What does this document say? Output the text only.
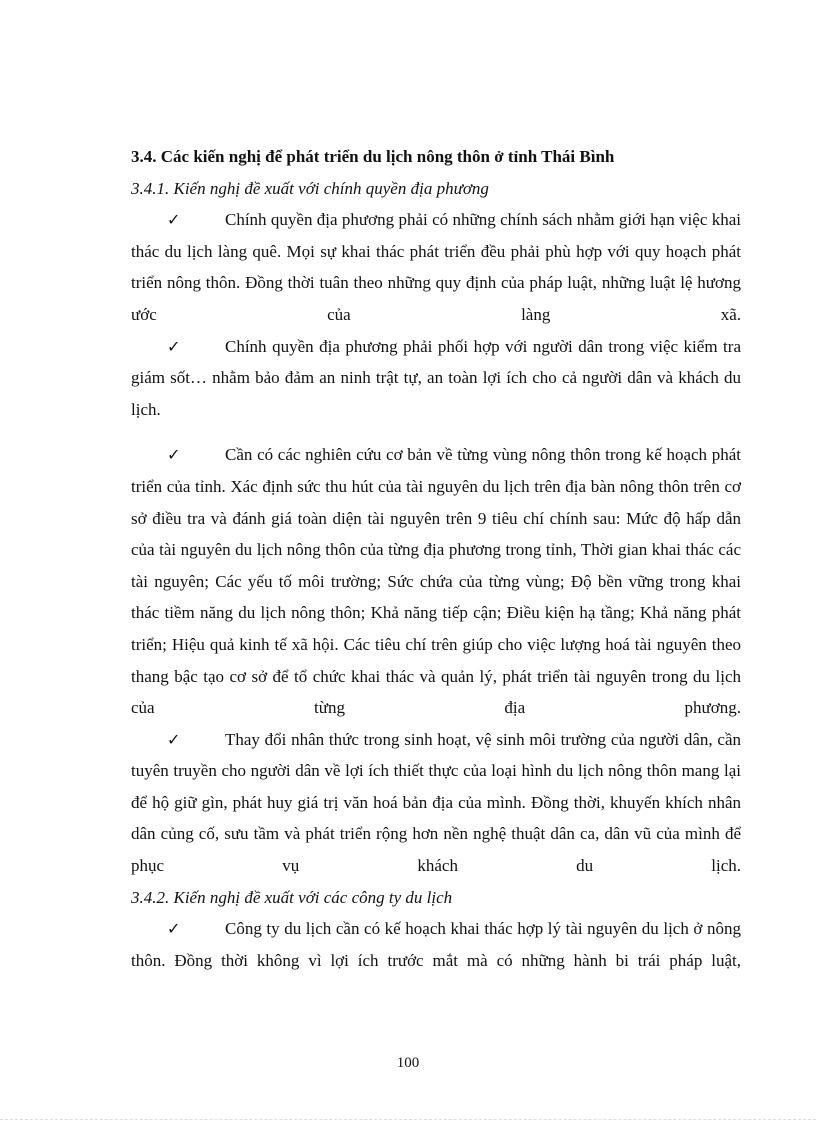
3.4. Các kiến nghị để phát triển du lịch nông thôn ở tỉnh Thái Bình

3.4.1. Kiến nghị đề xuất với chính quyền địa phương

✓	Chính quyền địa phương phải có những chính sách nhằm giới hạn việc khai thác du lịch làng quê. Mọi sự khai thác phát triển đều phải phù hợp với quy hoạch phát triển nông thôn. Đồng thời tuân theo những quy định của pháp luật, những luật lệ hương ước của làng xã.

✓	Chính quyền địa phương phải phối hợp với người dân trong việc kiểm tra giám sốt… nhằm bảo đảm an ninh trật tự, an toàn lợi ích cho cả người dân và khách du lịch.

✓	Cần có các nghiên cứu cơ bản về từng vùng nông thôn trong kế hoạch phát triển của tỉnh. Xác định sức thu hút của tài nguyên du lịch trên địa bàn nông thôn trên cơ sở điều tra và đánh giá toàn diện tài nguyên trên 9 tiêu chí chính sau: Mức độ hấp dẫn của tài nguyên du lịch nông thôn của từng địa phương trong tỉnh, Thời gian khai thác các tài nguyên; Các yếu tố môi trường; Sức chứa của từng vùng; Độ bền vững trong khai thác tiềm năng du lịch nông thôn; Khả năng tiếp cận; Điều kiện hạ tầng; Khả năng phát triển; Hiệu quả kinh tế xã hội. Các tiêu chí trên giúp cho việc lượng hoá tài nguyên theo thang bậc tạo cơ sở để tổ chức khai thác và quản lý, phát triển tài nguyên trong du lịch của từng địa phương.

✓	Thay đổi nhân thức trong sinh hoạt, vệ sinh môi trường của người dân, cần tuyên truyền cho người dân về lợi ích thiết thực của loại hình du lịch nông thôn mang lại để hộ giữ gìn, phát huy giá trị văn hoá bản địa của mình. Đồng thời, khuyến khích nhân dân củng cố, sưu tầm và phát triển rộng hơn nền nghệ thuật dân ca, dân vũ của mình để phục vụ khách du lịch.

3.4.2. Kiến nghị đề xuất với các công ty du lịch

✓	Công ty du lịch cần có kế hoạch khai thác hợp lý tài nguyên du lịch ở nông thôn. Đồng thời không vì lợi ích trước mắt mà có những hành bi trái pháp luật,

100
